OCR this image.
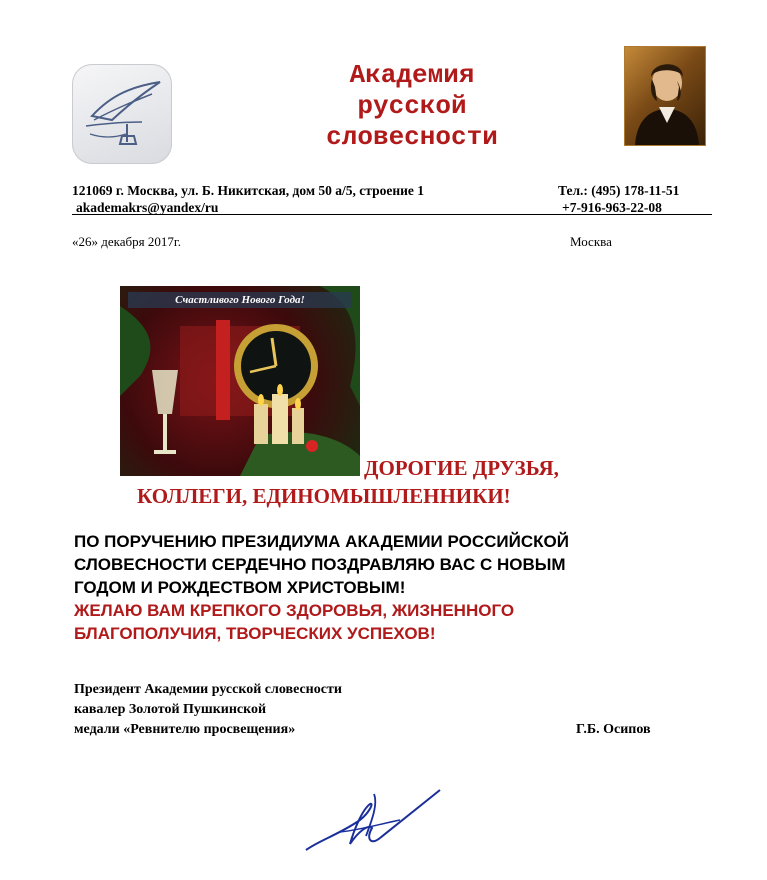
Академия
русской
словесности
121069 г. Москва, ул. Б. Никитская, дом 50 а/5, строение 1
akademakrs@yandex/ru
Тел.: (495) 178-11-51
+7-916-963-22-08
«26» декабря 2017г.	Москва
Счастливого Нового Года!
ДОРОГИЕ ДРУЗЬЯ,
КОЛЛЕГИ, ЕДИНОМЫШЛЕННИКИ!
ПО ПОРУЧЕНИЮ ПРЕЗИДИУМА АКАДЕМИИ РОССИЙСКОЙ
СЛОВЕСНОСТИ СЕРДЕЧНО ПОЗДРАВЛЯЮ ВАС С НОВЫМ
ГОДОМ И РОЖДЕСТВОМ ХРИСТОВЫМ!
ЖЕЛАЮ ВАМ КРЕПКОГО ЗДОРОВЬЯ, ЖИЗНЕННОГО
БЛАГОПОЛУЧИЯ, ТВОРЧЕСКИХ УСПЕХОВ!
Президент Академии русской словесности
кавалер Золотой Пушкинской
медали «Ревнителю просвещения»	Г.Б. Осипов
